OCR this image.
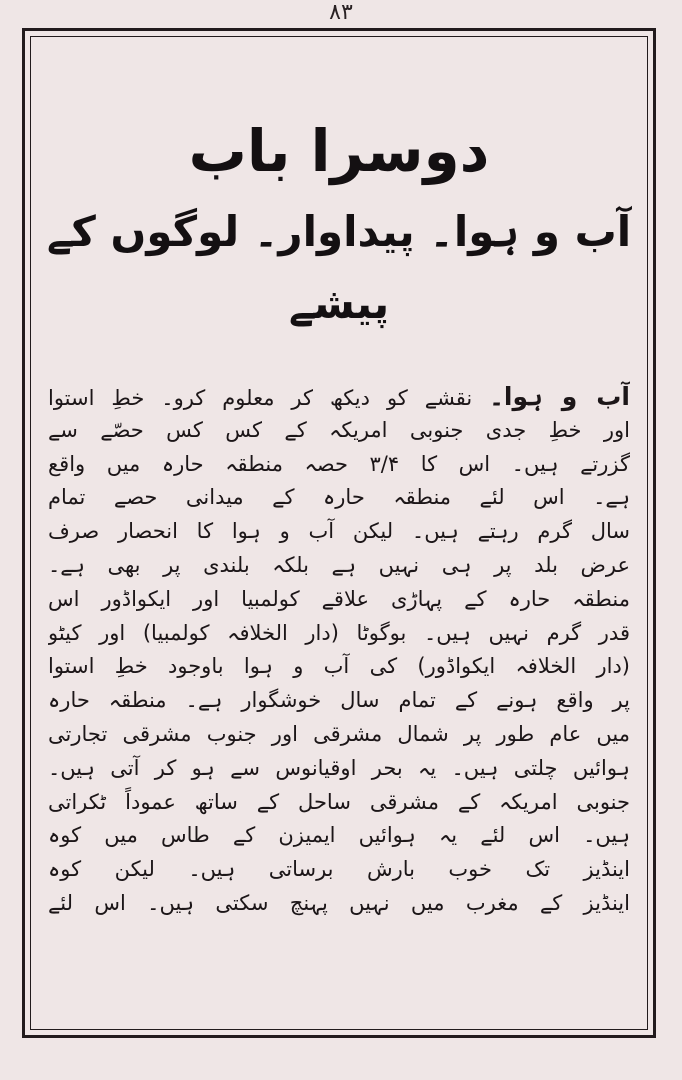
۸۳
دوسرا باب
آب و ہوا۔ پیداوار۔ لوگوں کے پیشے
آب و ہوا۔ نقشے کو دیکھ کر معلوم کرو۔ خطِ استوا
اور خطِ جدی جنوبی امریکہ کے کس کس حصّے سے
گزرتے ہیں۔ اس کا ۳/۴ حصہ منطقہ حارہ میں واقع
ہے۔ اس لئے منطقہ حارہ کے میدانی حصے تمام
سال گرم رہتے ہیں۔ لیکن آب و ہوا کا انحصار صرف
عرض بلد پر ہی نہیں ہے بلکہ بلندی پر بھی ہے۔
منطقہ حارہ کے پہاڑی علاقے کولمبیا اور ایکواڈور اس
قدر گرم نہیں ہیں۔ بوگوٹا (دار الخلافہ کولمبیا) اور کیٹو
(دار الخلافہ ایکواڈور) کی آب و ہوا باوجود خطِ استوا
پر واقع ہونے کے تمام سال خوشگوار ہے۔ منطقہ حارہ
میں عام طور پر شمال مشرقی اور جنوب مشرقی تجارتی
ہوائیں چلتی ہیں۔ یہ بحر اوقیانوس سے ہو کر آتی ہیں۔
جنوبی امریکہ کے مشرقی ساحل کے ساتھ عموداً ٹکراتی
ہیں۔ اس لئے یہ ہوائیں ایمیزن کے طاس میں کوہ
اینڈیز تک خوب بارش برساتی ہیں۔ لیکن کوہ
اینڈیز کے مغرب میں نہیں پہنچ سکتی ہیں۔ اس لئے
